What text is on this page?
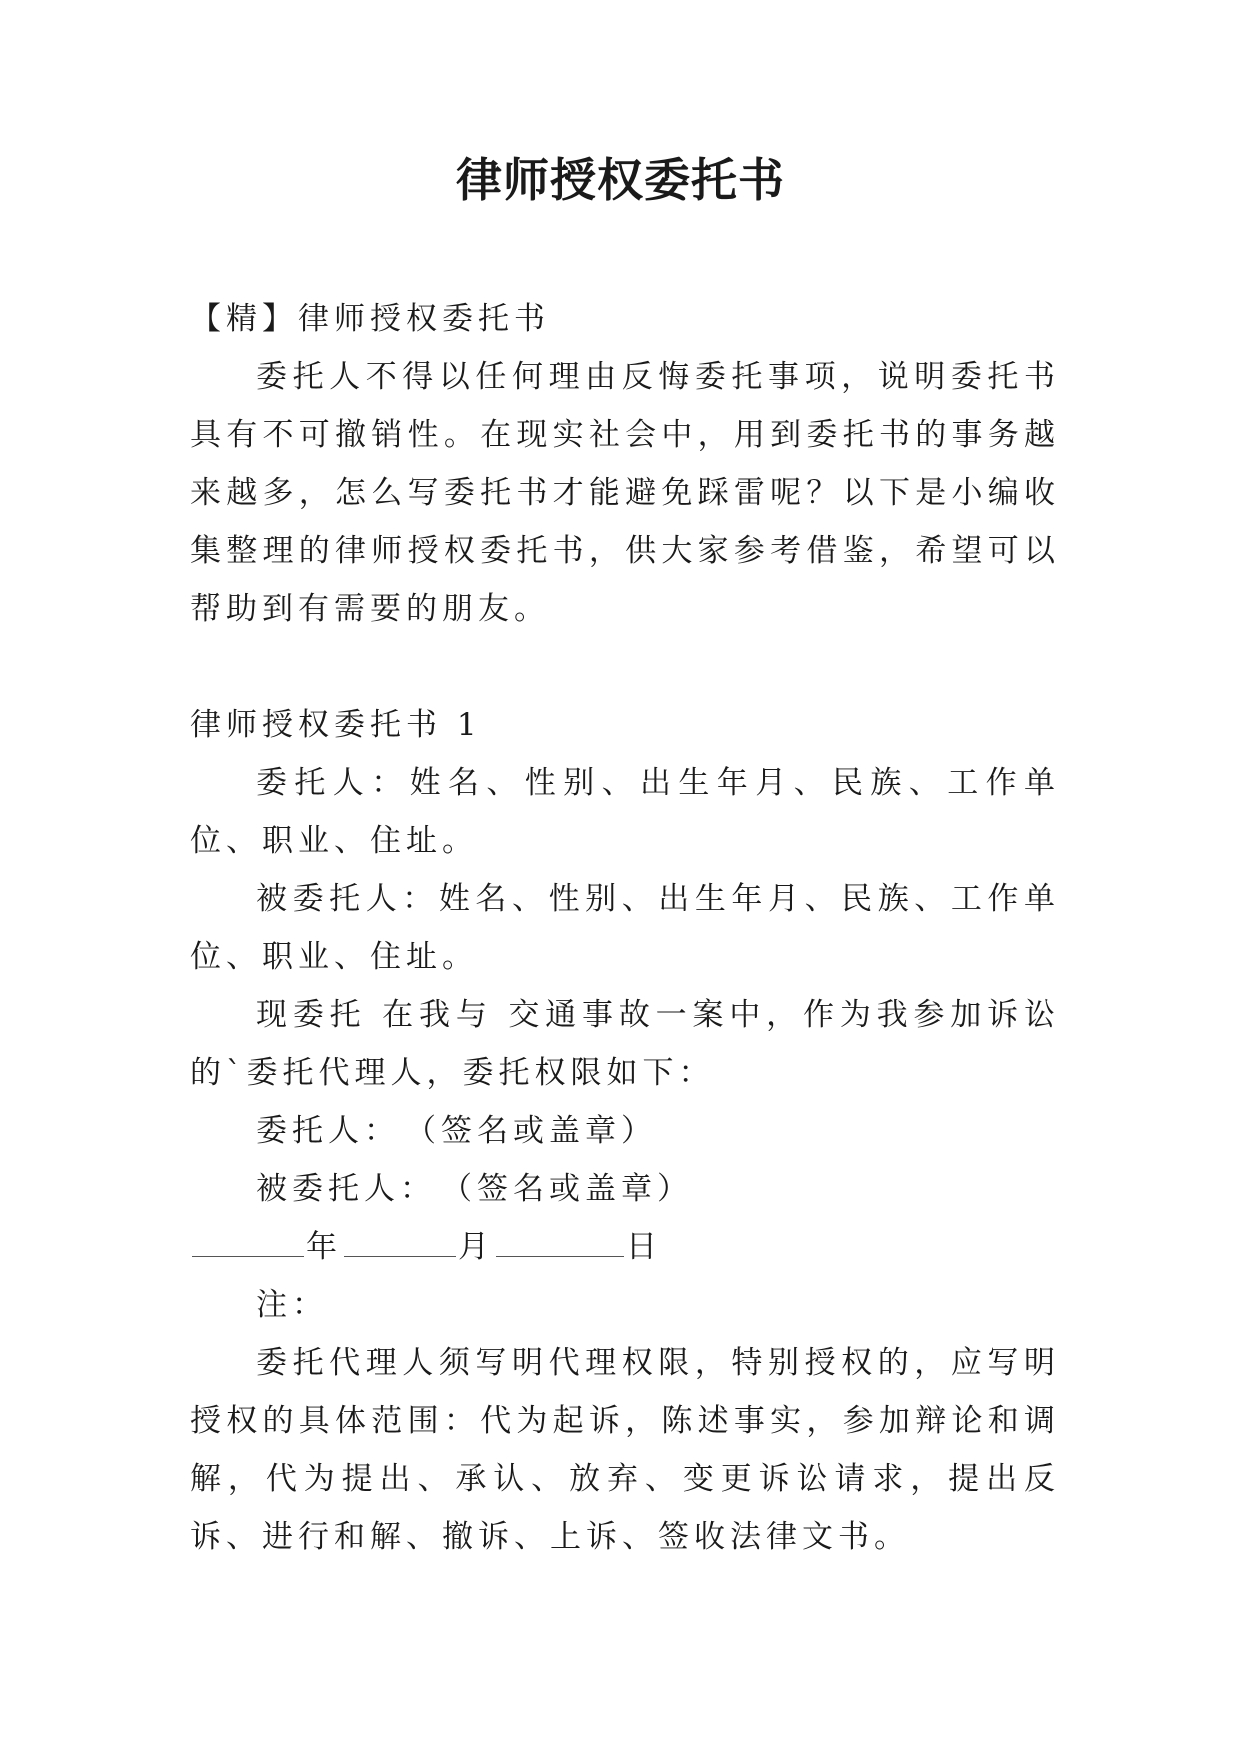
律师授权委托书

【精】律师授权委托书

委托人不得以任何理由反悔委托事项，说明委托书具有不可撤销性。在现实社会中，用到委托书的事务越来越多，怎么写委托书才能避免踩雷呢？以下是小编收集整理的律师授权委托书，供大家参考借鉴，希望可以帮助到有需要的朋友。

律师授权委托书 1

委托人：姓名、性别、出生年月、民族、工作单位、职业、住址。

被委托人：姓名、性别、出生年月、民族、工作单位、职业、住址。

现委托 在我与 交通事故一案中，作为我参加诉讼的`委托代理人，委托权限如下：

委托人：　（签名或盖章）

被委托人：　（签名或盖章）

年	月	日

注：

委托代理人须写明代理权限，特别授权的，应写明授权的具体范围：代为起诉，陈述事实，参加辩论和调解，代为提出、承认、放弃、变更诉讼请求，提出反诉、进行和解、撤诉、上诉、签收法律文书。
